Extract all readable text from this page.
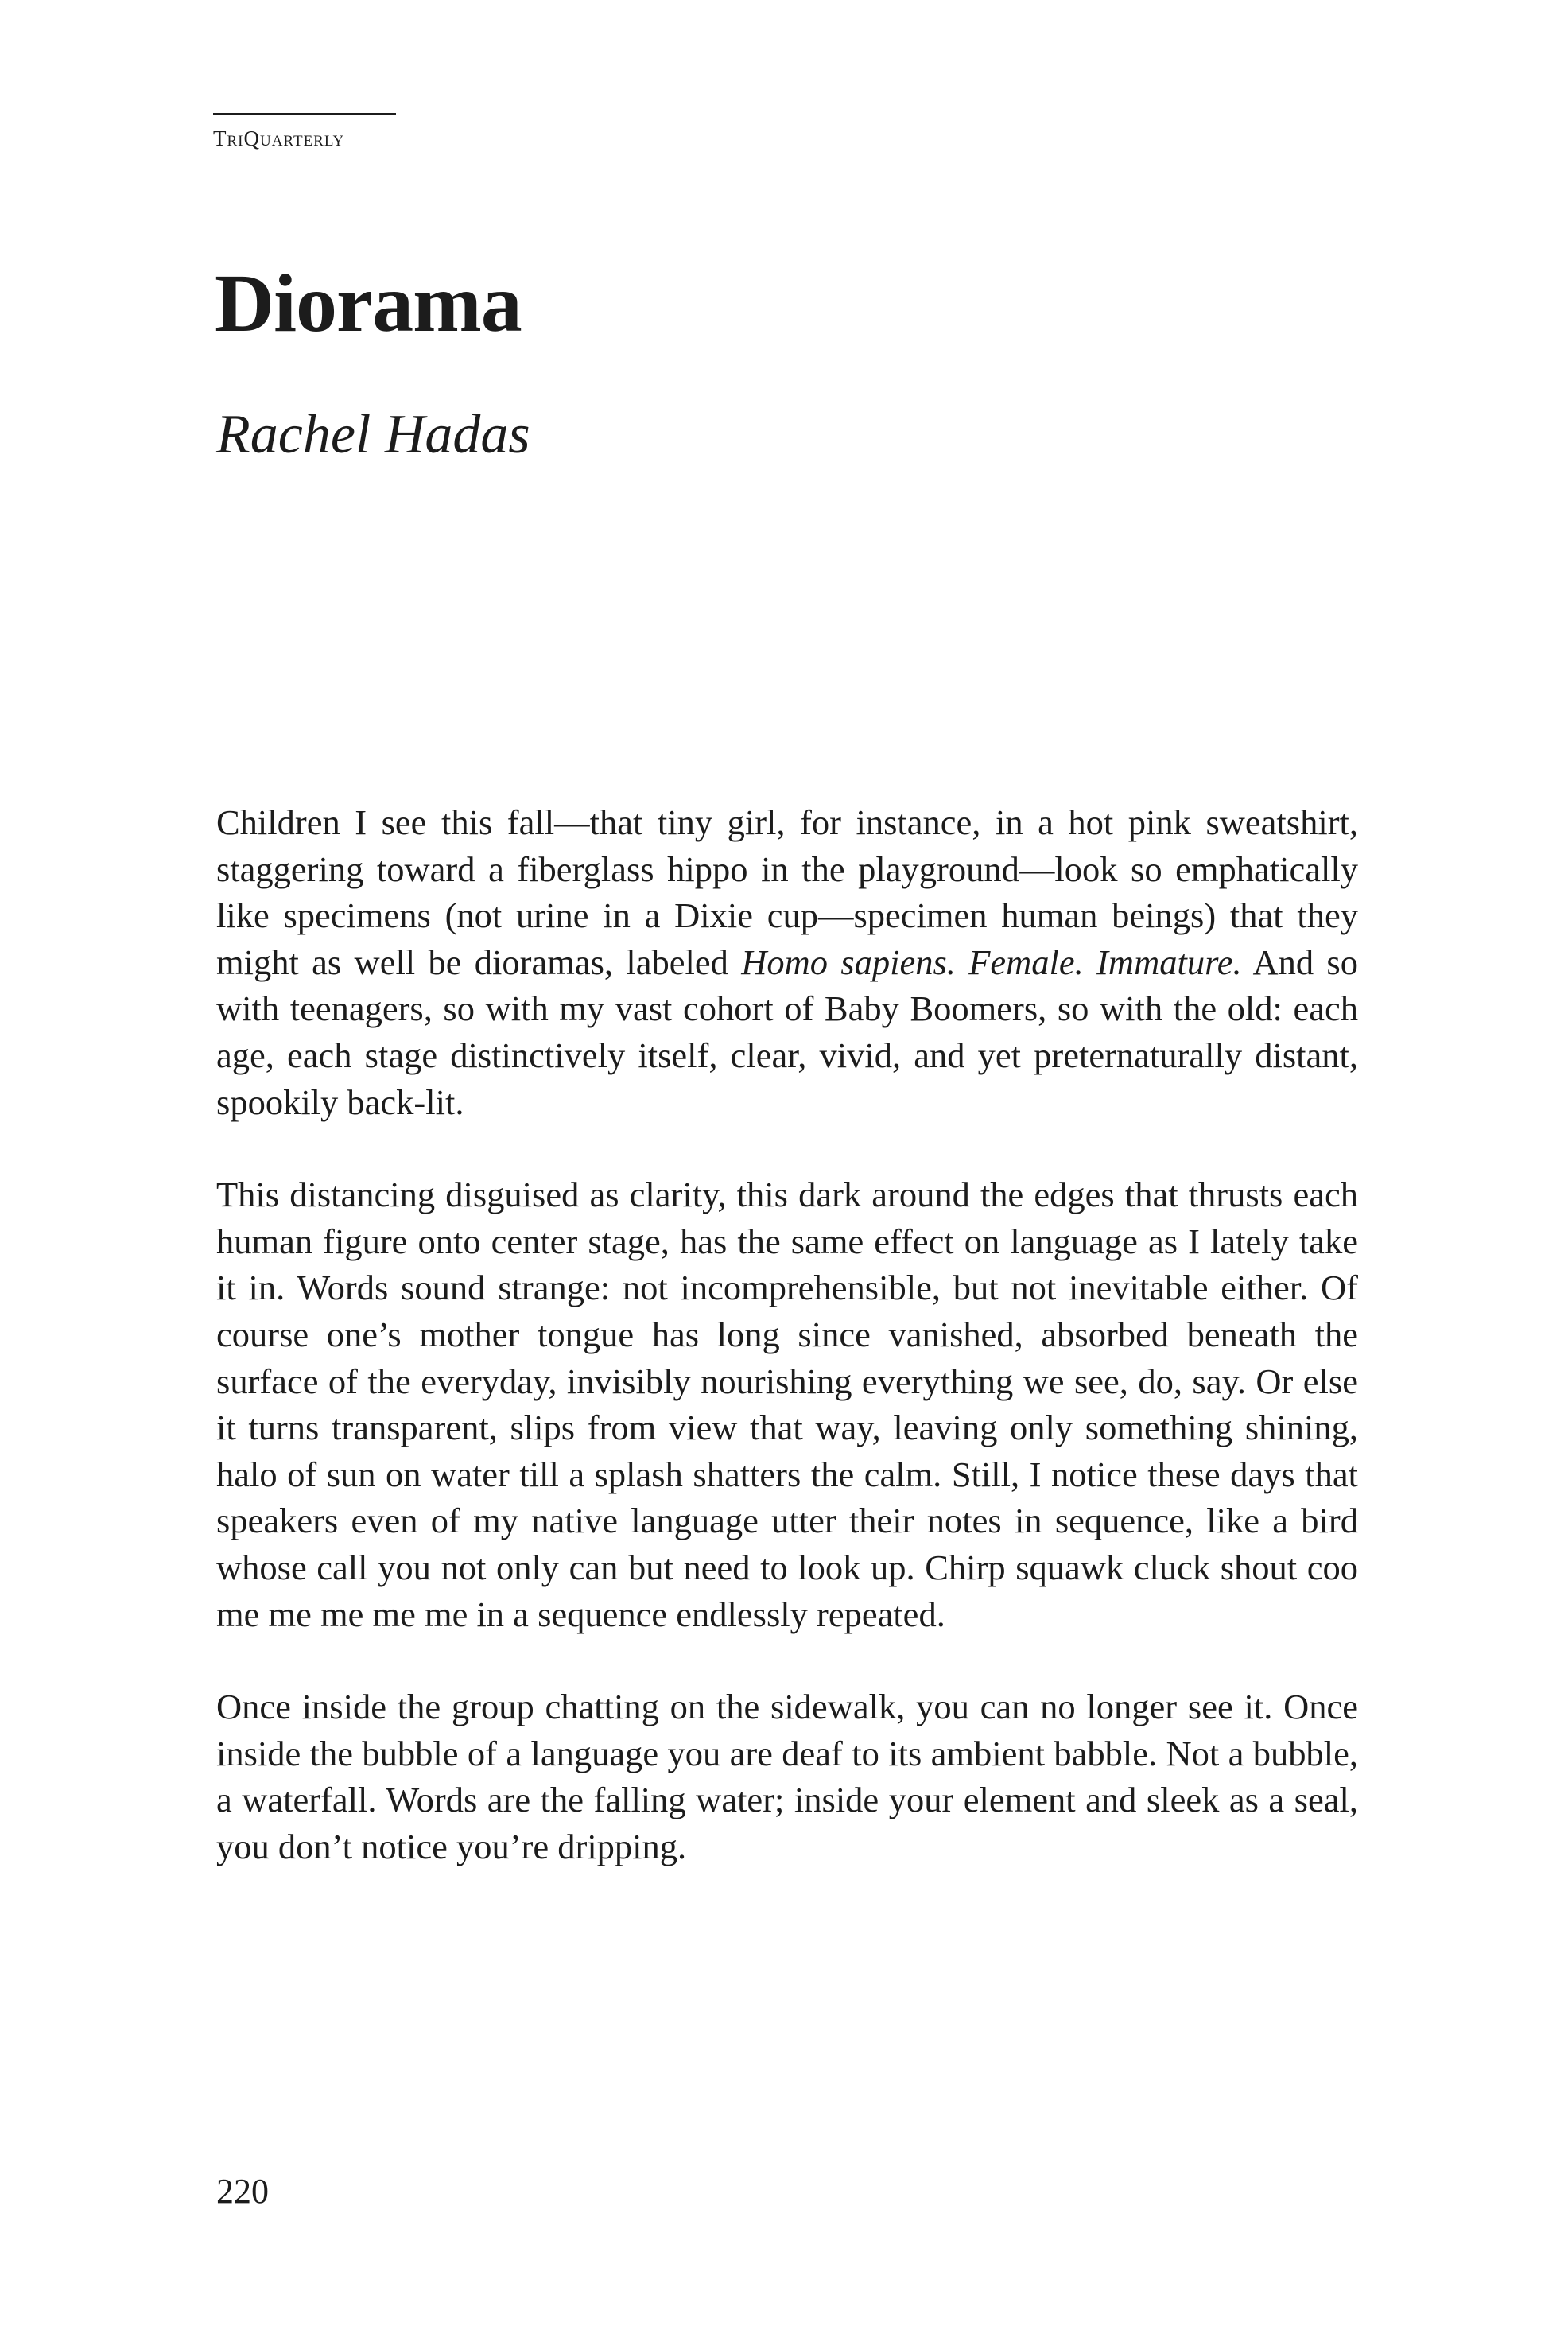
TriQuarterly
Diorama
Rachel Hadas

Children I see this fall—that tiny girl, for instance, in a hot pink sweatshirt, staggering toward a fiberglass hippo in the playground—look so emphatically like specimens (not urine in a Dixie cup—specimen human beings) that they might as well be dioramas, labeled Homo sapiens. Female. Immature. And so with teenagers, so with my vast cohort of Baby Boomers, so with the old: each age, each stage distinctively itself, clear, vivid, and yet preternaturally distant, spookily back-lit.

This distancing disguised as clarity, this dark around the edges that thrusts each human figure onto center stage, has the same effect on language as I lately take it in. Words sound strange: not incomprehensible, but not inevitable either. Of course one’s mother tongue has long since vanished, absorbed beneath the surface of the everyday, invisibly nourishing everything we see, do, say. Or else it turns transparent, slips from view that way, leaving only something shining, halo of sun on water till a splash shatters the calm. Still, I notice these days that speakers even of my native language utter their notes in sequence, like a bird whose call you not only can but need to look up. Chirp squawk cluck shout coo me me me me me in a sequence endlessly repeated.

Once inside the group chatting on the sidewalk, you can no longer see it. Once inside the bubble of a language you are deaf to its ambient babble. Not a bubble, a waterfall. Words are the falling water; inside your element and sleek as a seal, you don’t notice you’re dripping.

220
